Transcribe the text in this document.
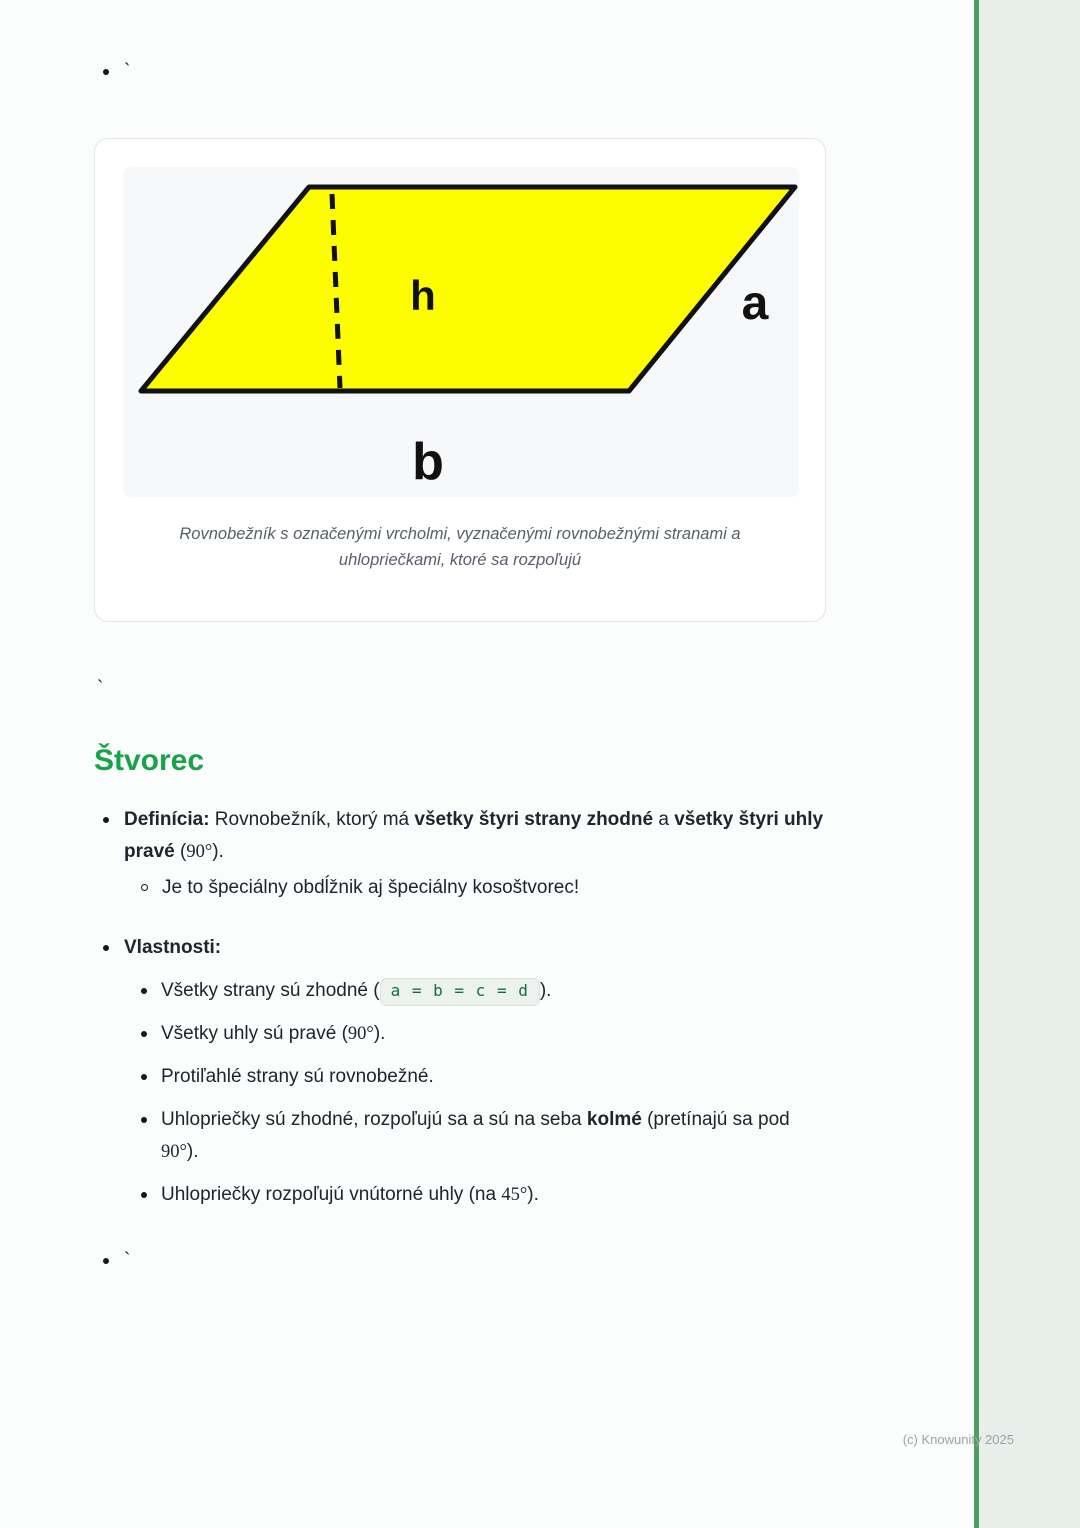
`
h	a
b
Rovnobežník s označenými vrcholmi, vyznačenými rovnobežnými stranami a uhlopriečkami, ktoré sa rozpoľujú
`
Štvorec
Definícia: Rovnobežník, ktorý má všetky štyri strany zhodné a všetky štyri uhly pravé (90°).
Je to špeciálny obdĺžnik aj špeciálny kosoštvorec!
Vlastnosti:
Všetky strany sú zhodné ( a = b = c = d ).
Všetky uhly sú pravé (90°).
Protiľahlé strany sú rovnobežné.
Uhlopriečky sú zhodné, rozpoľujú sa a sú na seba kolmé (pretínajú sa pod 90°).
Uhlopriečky rozpoľujú vnútorné uhly (na 45°).
`
(c) Knowunity 2025
